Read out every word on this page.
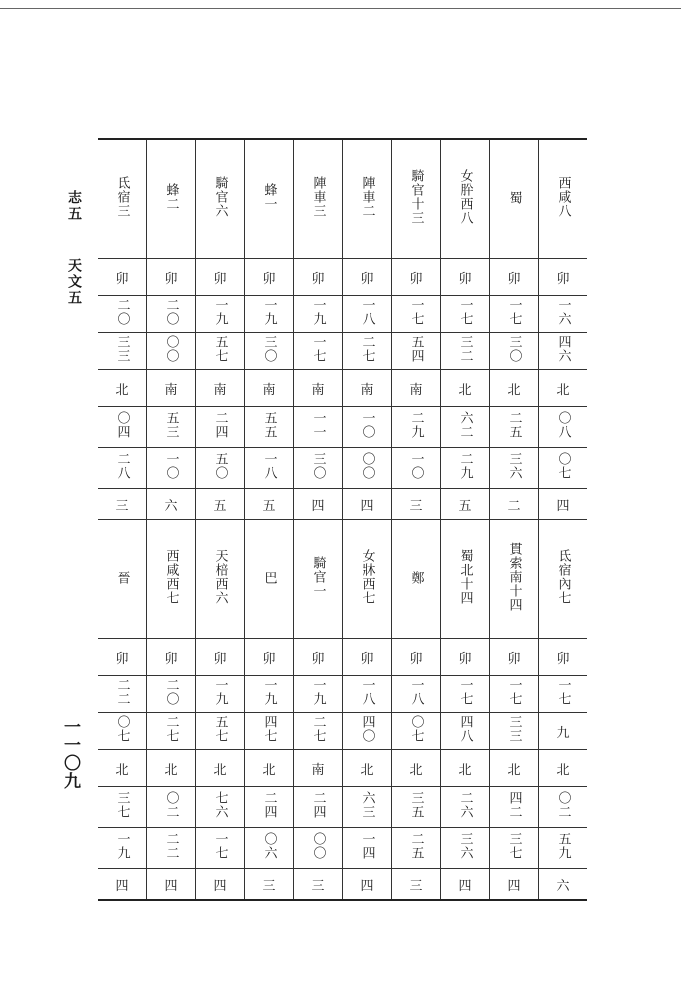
志五
天文五
一一〇九
氐宿三	蜂二	騎官六	蜂一	陣車三	陣車二	騎官十三	女肸西八	蜀	西咸八
卯	卯	卯	卯	卯	卯	卯	卯	卯	卯
二〇	二〇	一九	一九	一九	一八	一七	一七	一七	一六
三三	〇〇	五七	三〇	一七	二七	五四	三二	三〇	四六
北	南	南	南	南	南	南	北	北	北
〇四	五三	二四	五五	一一	一〇	二九	六二	二五	〇八
二八	一〇	五〇	一八	三〇	〇〇	一〇	二九	三六	〇七
三	六	五	五	四	四	三	五	二	四
晉	西咸西七	天棓西六	巴	騎官一	女牀西七	鄭	蜀北十四	貫索南十四	氐宿內七
卯	卯	卯	卯	卯	卯	卯	卯	卯	卯
二二	二〇	一九	一九	一九	一八	一八	一七	一七	一七
〇七	二七	五七	四七	二七	四〇	〇七	四八	三三	九
北	北	北	北	南	北	北	北	北	北
三七	〇二	七六	二四	二四	六三	三五	二六	四二	〇二
一九	二二	一七	〇六	〇〇	一四	二五	三六	三七	五九
四	四	四	三	三	四	三	四	四	六
